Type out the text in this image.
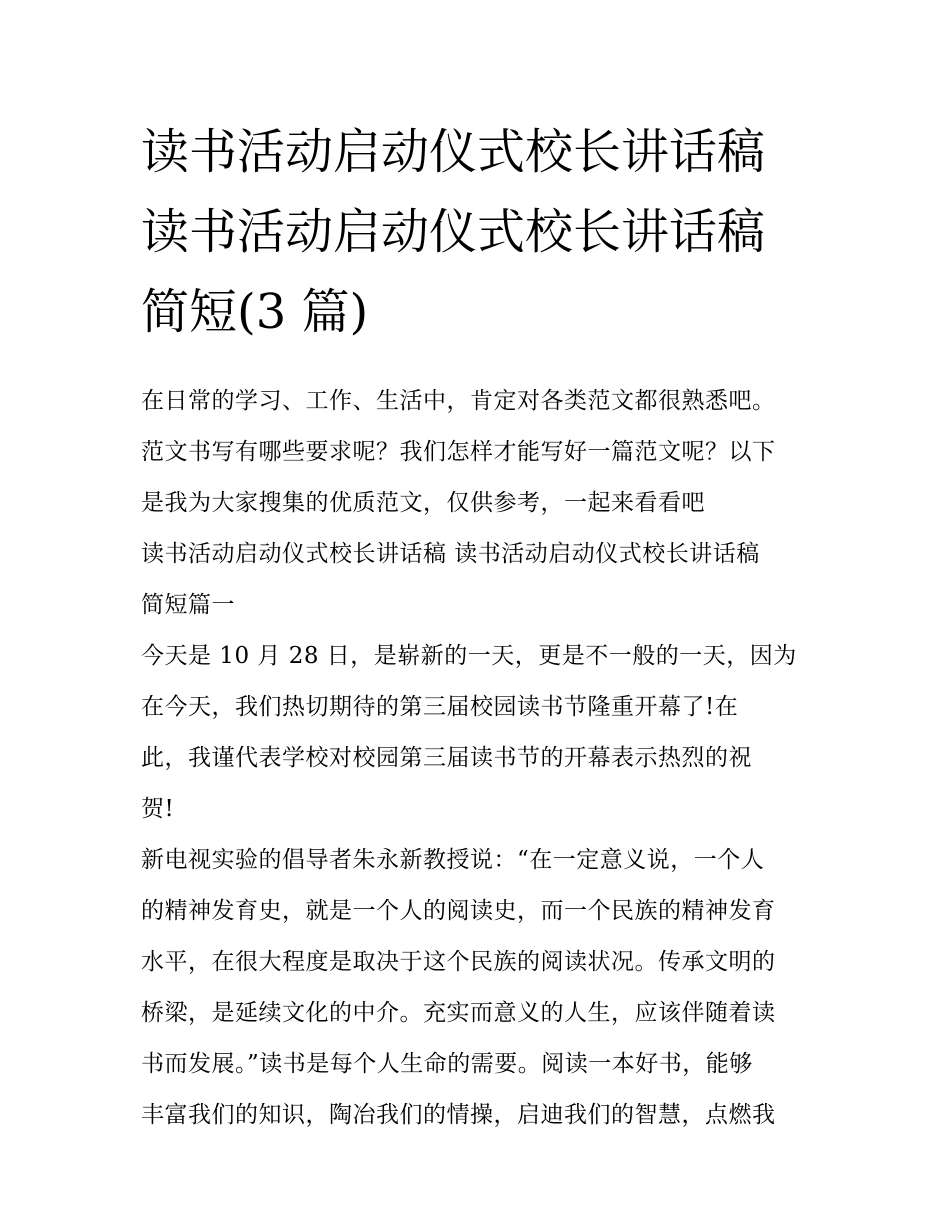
读书活动启动仪式校长讲话稿
读书活动启动仪式校长讲话稿
简短(3 篇)

在日常的学习、工作、生活中，肯定对各类范文都很熟悉吧。
范文书写有哪些要求呢？我们怎样才能写好一篇范文呢？以下
是我为大家搜集的优质范文，仅供参考，一起来看看吧

读书活动启动仪式校长讲话稿 读书活动启动仪式校长讲话稿
简短篇一

今天是 10 月 28 日，是崭新的一天，更是不一般的一天，因为
在今天，我们热切期待的第三届校园读书节隆重开幕了!在
此，我谨代表学校对校园第三届读书节的开幕表示热烈的祝
贺!

新电视实验的倡导者朱永新教授说：“在一定意义说，一个人
的精神发育史，就是一个人的阅读史，而一个民族的精神发育
水平，在很大程度是取决于这个民族的阅读状况。传承文明的
桥梁，是延续文化的中介。充实而意义的人生，应该伴随着读
书而发展。”读书是每个人生命的需要。阅读一本好书，能够
丰富我们的知识，陶冶我们的情操，启迪我们的智慧，点燃我
